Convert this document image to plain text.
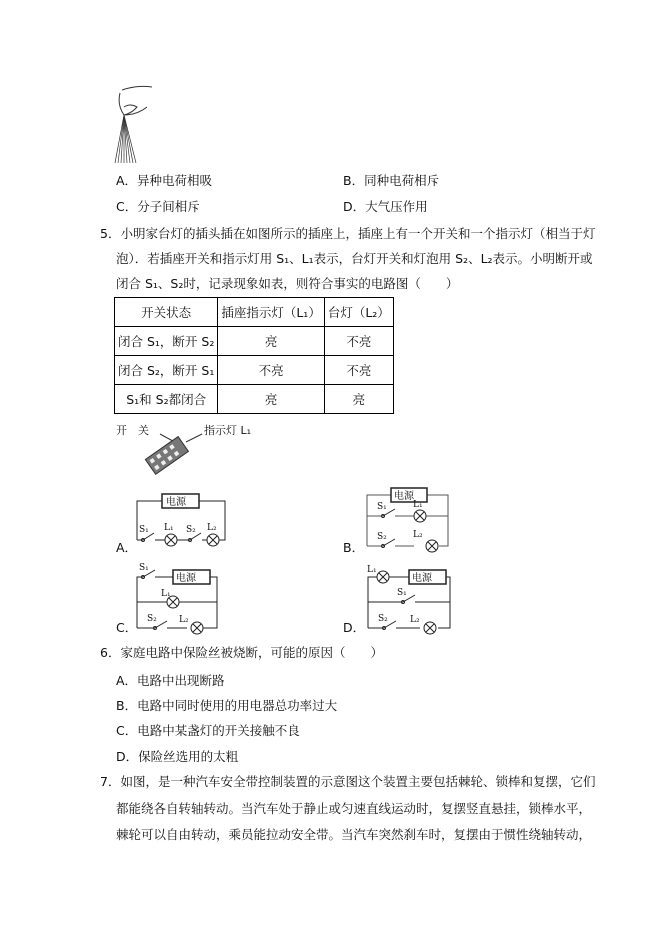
A．异种电荷相吸	B．同种电荷相斥
C．分子间相斥	D．大气压作用
5．小明家台灯的插头插在如图所示的插座上，插座上有一个开关和一个指示灯（相当于灯
泡）．若插座开关和指示灯用 S₁、L₁表示，台灯开关和灯泡用 S₂、L₂表示。小明断开或
闭合 S₁、S₂时，记录现象如表，则符合事实的电路图（　　）
开关状态	插座指示灯（L₁）	台灯（L₂）
闭合 S₁，断开 S₂	亮	不亮
闭合 S₂，断开 S₁	不亮	不亮
S₁和 S₂都闭合	亮	亮
开　关	指示灯 L₁
A．
电源
S₁ L₁ S₂ L₂
B．
电源
S₁	L₁
S₂	L₂
C．
电源
S₁
L₁
S₂ L₂	D．
电源
L₁
S₁
S₂ L₂
6．家庭电路中保险丝被烧断，可能的原因（　　）
A．电路中出现断路
B．电路中同时使用的用电器总功率过大
C．电路中某盏灯的开关接触不良
D．保险丝选用的太粗
7．如图，是一种汽车安全带控制装置的示意图这个装置主要包括棘轮、锁棒和复摆，它们
都能绕各自转轴转动。当汽车处于静止或匀速直线运动时，复摆竖直悬挂，锁棒水平，
棘轮可以自由转动，乘员能拉动安全带。当汽车突然刹车时，复摆由于惯性绕轴转动，
